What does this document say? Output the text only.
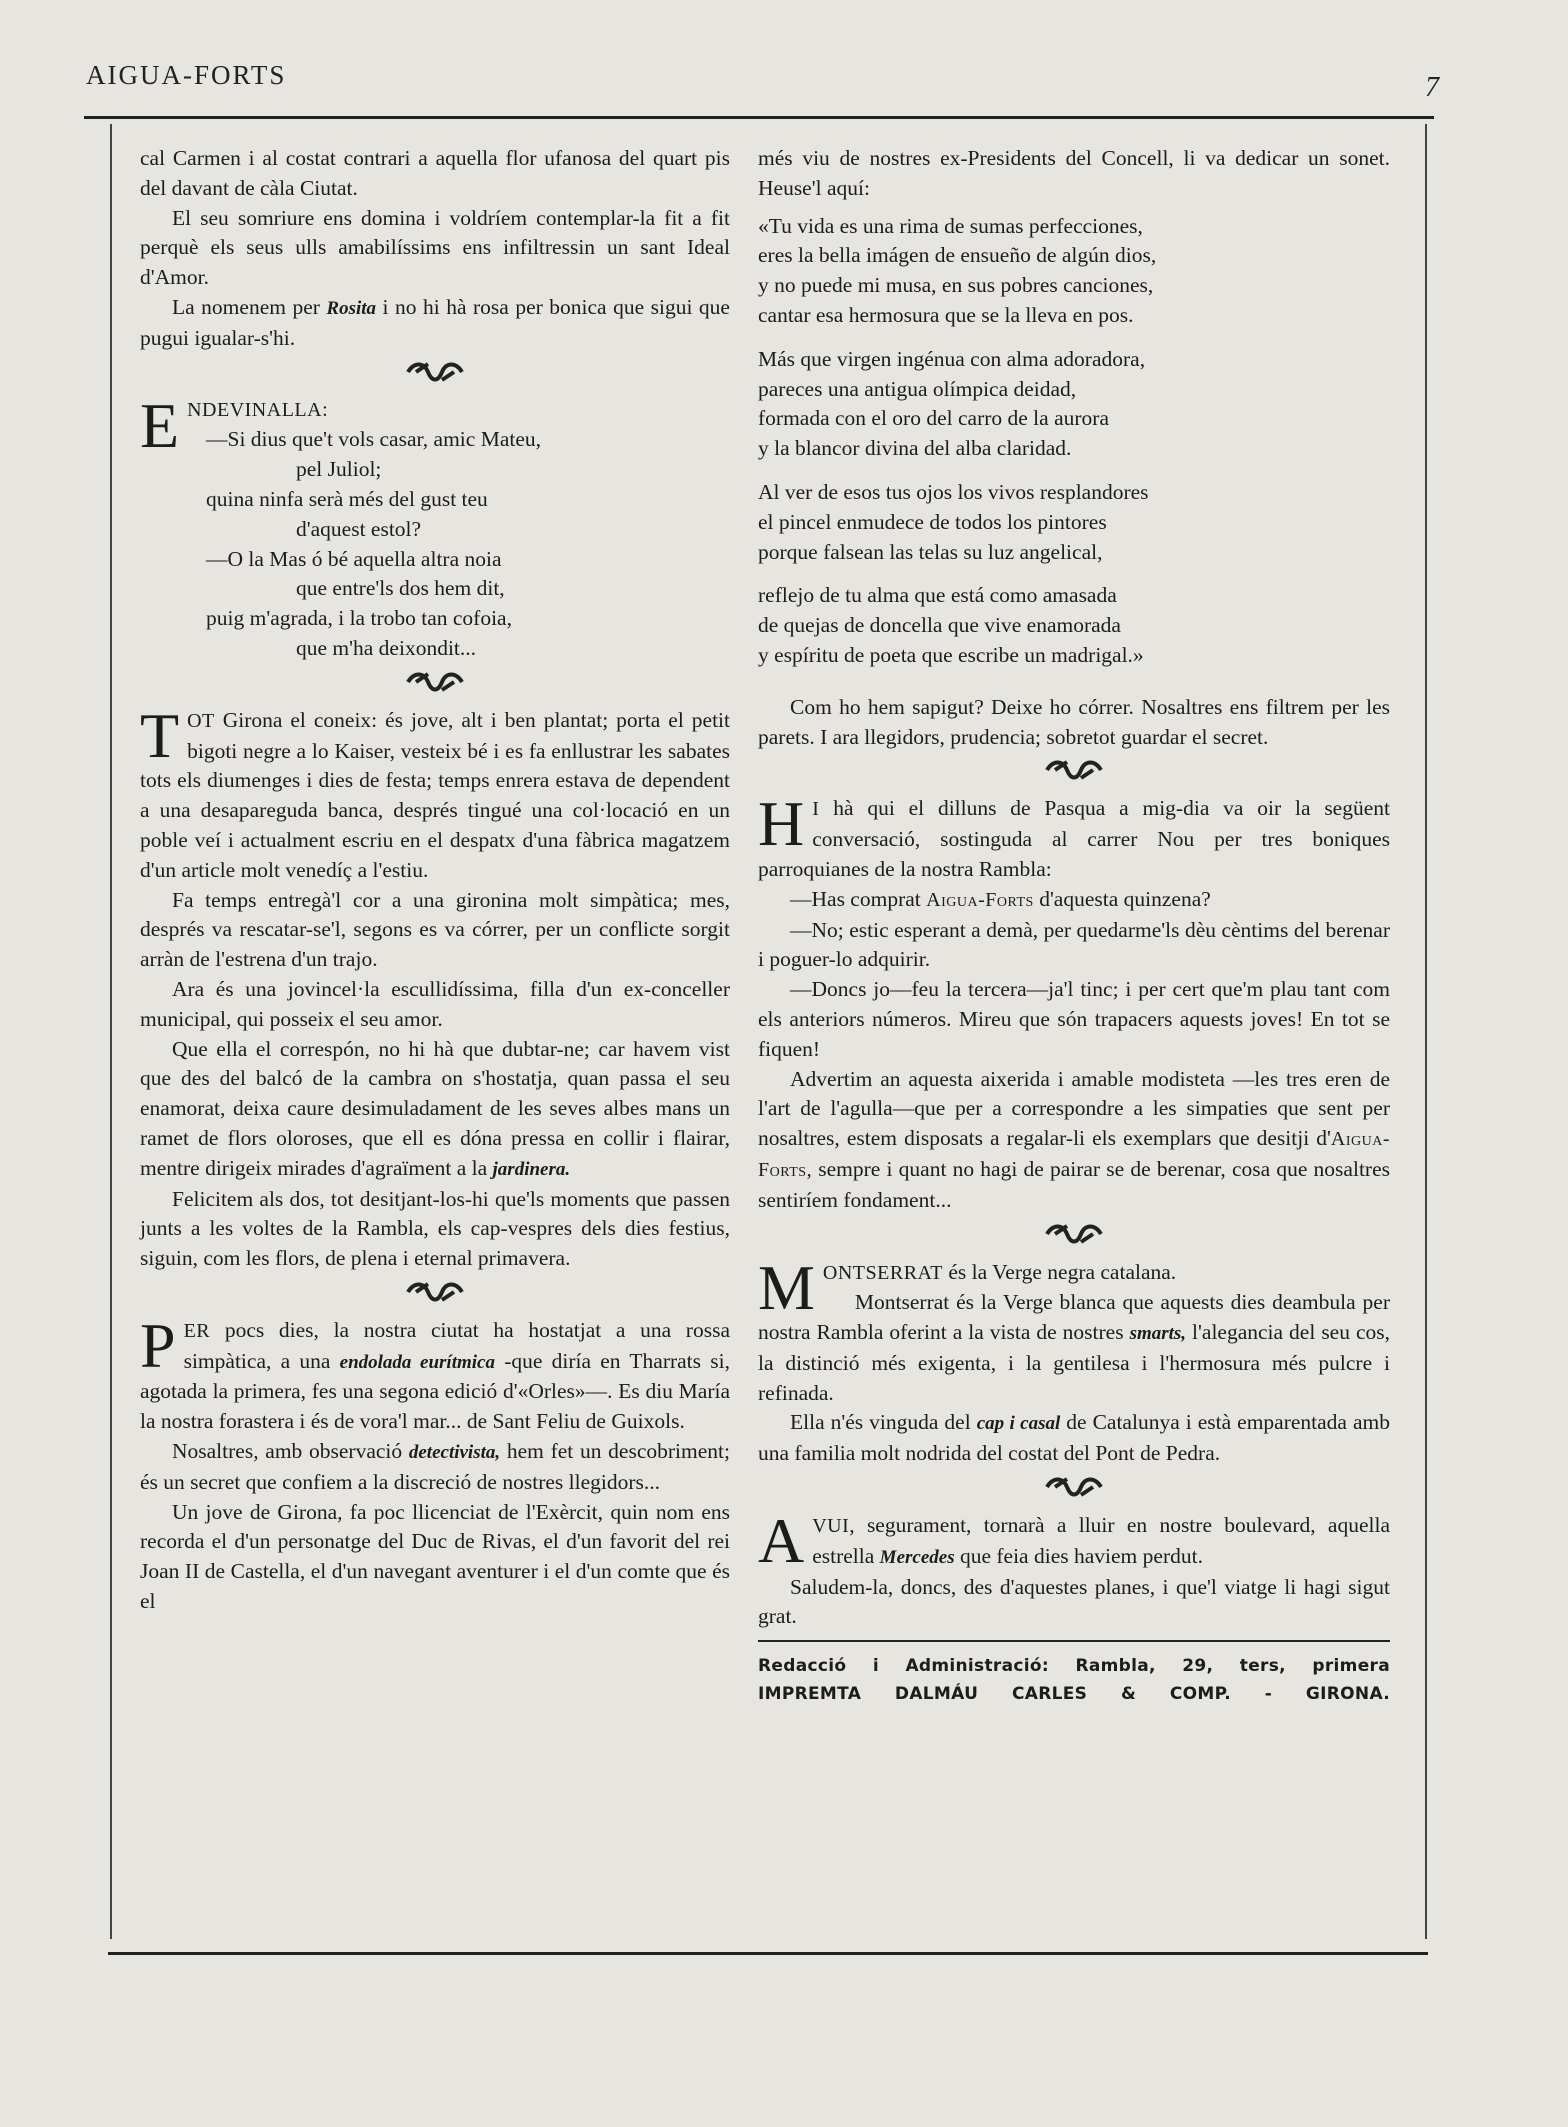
AIGUA-FORTS	7

cal Carmen i al costat contrari a aquella flor ufanosa del quart pis del davant de càla Ciutat.

El seu somriure ens domina i voldríem contemplar-la fit a fit perquè els seus ulls amabilíssims ens infiltressin un sant Ideal d'Amor.

La nomenem per Rosita i no hi hà rosa per bonica que sigui que pugui igualar-s'hi.

E NDEVINALLA:
—Si dius que't vols casar, amic Mateu,
pel Juliol;
quina ninfa serà més del gust teu
d'aquest estol?
—O la Mas ó bé aquella altra noia
que entre'ls dos hem dit,
puig m'agrada, i la trobo tan cofoia,
que m'ha deixondit...

TOT Girona el coneix: és jove, alt i ben plantat; porta el petit bigoti negre a lo Kaiser, vesteix bé i es fa enllustrar les sabates tots els diumenges i dies de festa; temps enrera estava de dependent a una desapareguda banca, després tingué una col·locació en un poble veí i actualment escriu en el despatx d'una fàbrica magatzem d'un article molt venedíç a l'estiu.

Fa temps entregà'l cor a una gironina molt simpàtica; mes, després va rescatar-se'l, segons es va córrer, per un conflicte sorgit arràn de l'estrena d'un trajo.

Ara és una jovincel·la escullidíssima, filla d'un ex-conceller municipal, qui posseix el seu amor.

Que ella el correspón, no hi hà que dubtar-ne; car havem vist que des del balcó de la cambra on s'hostatja, quan passa el seu enamorat, deixa caure desimuladament de les seves albes mans un ramet de flors oloroses, que ell es dóna pressa en collir i flairar, mentre dirigeix mirades d'agraïment a la jardinera.

Felicitem als dos, tot desitjant-los-hi que'ls moments que passen junts a les voltes de la Rambla, els cap-vespres dels dies festius, siguin, com les flors, de plena i eternal primavera.

PER pocs dies, la nostra ciutat ha hostatjat a una rossa simpàtica, a una endolada eurítmica -que diría en Tharrats si, agotada la primera, fes una segona edició d'«Orles»—. Es diu María la nostra forastera i és de vora'l mar... de Sant Feliu de Guixols.

Nosaltres, amb observació detectivista, hem fet un descobriment; és un secret que confiem a la discreció de nostres llegidors...

Un jove de Girona, fa poc llicenciat de l'Exèrcit, quin nom ens recorda el d'un personatge del Duc de Rivas, el d'un favorit del rei Joan II de Castella, el d'un navegant aventurer i el d'un comte que és el

més viu de nostres ex-Presidents del Concell, li va dedicar un sonet. Heuse'l aquí:

«Tu vida es una rima de sumas perfecciones,
eres la bella imágen de ensueño de algún dios,
y no puede mi musa, en sus pobres canciones,
cantar esa hermosura que se la lleva en pos.
Más que virgen ingénua con alma adoradora,
pareces una antigua olímpica deidad,
formada con el oro del carro de la aurora
y la blancor divina del alba claridad.
Al ver de esos tus ojos los vivos resplandores
el pincel enmudece de todos los pintores
porque falsean las telas su luz angelical,
reflejo de tu alma que está como amasada
de quejas de doncella que vive enamorada
y espíritu de poeta que escribe un madrigal.»

Com ho hem sapigut? Deixe ho córrer. Nosaltres ens filtrem per les parets. I ara llegidors, prudencia; sobretot guardar el secret.

H I hà qui el dilluns de Pasqua a mig-dia va oir la següent conversació, sostinguda al carrer Nou per tres boniques parroquianes de la nostra Rambla:

—Has comprat Aigua-Forts d'aquesta quinzena?

—No; estic esperant a demà, per quedarme'ls dèu cèntims del berenar i poguer-lo adquirir.

—Doncs jo—feu la tercera—ja'l tinc; i per cert que'm plau tant com els anteriors números. Mireu que són trapacers aquests joves! En tot se fiquen!

Advertim an aquesta aixerida i amable modisteta —les tres eren de l'art de l'agulla—que per a correspondre a les simpaties que sent per nosaltres, estem disposats a regalar-li els exemplars que desitji d'Aigua-Forts, sempre i quant no hagi de pairar se de berenar, cosa que nosaltres sentiríem fondament...

MONTSERRAT és la Verge negra catalana.

Montserrat és la Verge blanca que aquests dies deambula per nostra Rambla oferint a la vista de nostres smarts, l'alegancia del seu cos, la distinció més exigenta, i la gentilesa i l'hermosura més pulcre i refinada.

Ella n'és vinguda del cap i casal de Catalunya i està emparentada amb una familia molt nodrida del costat del Pont de Pedra.

AVUI, segurament, tornarà a lluir en nostre boulevard, aquella estrella Mercedes que feia dies haviem perdut.

Saludem-la, doncs, des d'aquestes planes, i que'l viatge li hagi sigut grat.

Redacció i Administració: Rambla, 29, ters, primera
IMPREMTA DALMÁU CARLES & COMP. - GIRONA.
